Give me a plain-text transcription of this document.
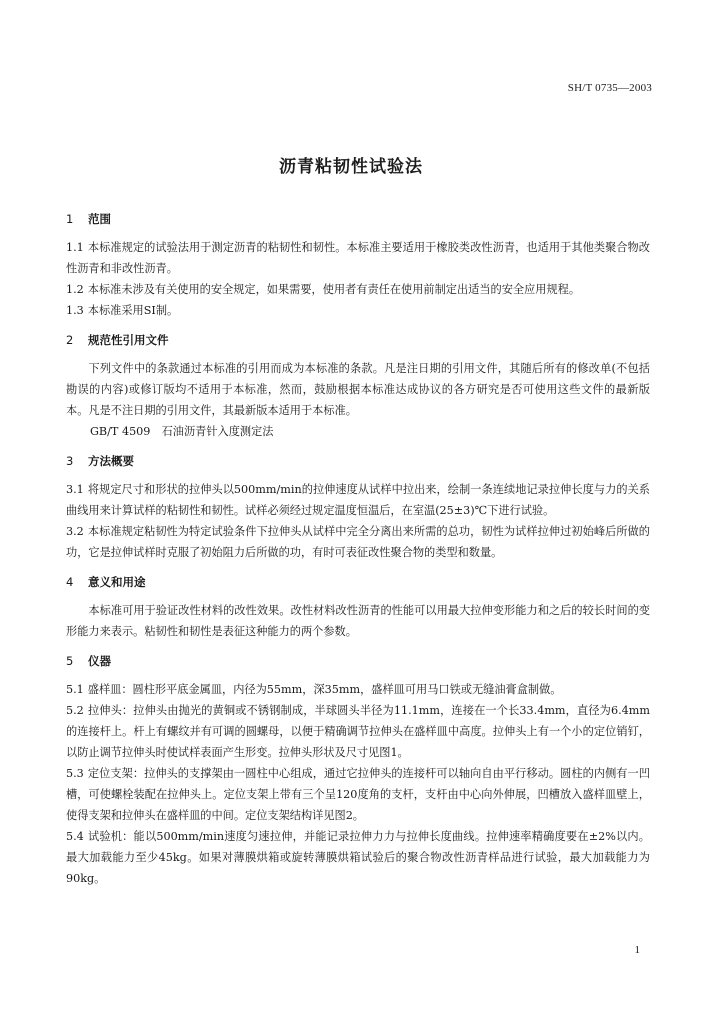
SH/T 0735—2003
沥青粘韧性试验法
1 范围

1.1 本标准规定的试验法用于测定沥青的粘韧性和韧性。本标准主要适用于橡胶类改性沥青，也适用于其他类聚合物改性沥青和非改性沥青。

1.2 本标准未涉及有关使用的安全规定，如果需要，使用者有责任在使用前制定出适当的安全应用规程。

1.3 本标准采用SI制。

2 规范性引用文件

下列文件中的条款通过本标准的引用而成为本标准的条款。凡是注日期的引用文件，其随后所有的修改单(不包括勘误的内容)或修订版均不适用于本标准，然而，鼓励根据本标准达成协议的各方研究是否可使用这些文件的最新版本。凡是不注日期的引用文件，其最新版本适用于本标准。

GB/T 4509　石油沥青针入度测定法

3 方法概要

3.1 将规定尺寸和形状的拉伸头以500mm/min的拉伸速度从试样中拉出来，绘制一条连续地记录拉伸长度与力的关系曲线用来计算试样的粘韧性和韧性。试样必须经过规定温度恒温后，在室温(25±3)℃下进行试验。

3.2 本标准规定粘韧性为特定试验条件下拉伸头从试样中完全分离出来所需的总功，韧性为试样拉伸过初始峰后所做的功，它是拉伸试样时克服了初始阻力后所做的功，有时可表征改性聚合物的类型和数量。

4 意义和用途

本标准可用于验证改性材料的改性效果。改性材料改性沥青的性能可以用最大拉伸变形能力和之后的较长时间的变形能力来表示。粘韧性和韧性是表征这种能力的两个参数。

5 仪器

5.1 盛样皿：圆柱形平底金属皿，内径为55mm，深35mm，盛样皿可用马口铁或无缝油膏盒制做。

5.2 拉伸头：拉伸头由抛光的黄铜或不锈钢制成，半球圆头半径为11.1mm，连接在一个长33.4mm，直径为6.4mm的连接杆上。杆上有螺纹并有可调的圆螺母，以便于精确调节拉伸头在盛样皿中高度。拉伸头上有一个小的定位销钉，以防止调节拉伸头时使试样表面产生形变。拉伸头形状及尺寸见图1。

5.3 定位支架：拉伸头的支撑架由一圆柱中心组成，通过它拉伸头的连接杆可以轴向自由平行移动。圆柱的内侧有一凹槽，可使螺栓装配在拉伸头上。定位支架上带有三个呈120度角的支杆，支杆由中心向外伸展，凹槽放入盛样皿壁上，使得支架和拉伸头在盛样皿的中间。定位支架结构详见图2。

5.4 试验机：能以500mm/min速度匀速拉伸，并能记录拉伸力力与拉伸长度曲线。拉伸速率精确度要在±2%以内。最大加载能力至少45kg。如果对薄膜烘箱或旋转薄膜烘箱试验后的聚合物改性沥青样品进行试验，最大加载能力为90kg。

1
